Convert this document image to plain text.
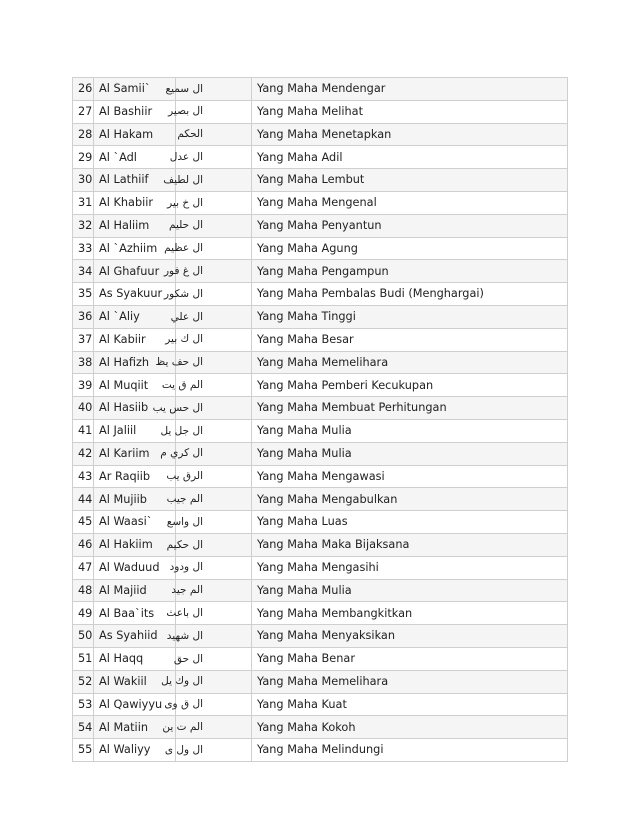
26	Al Samii`	ال سميع	Yang Maha Mendengar
27	Al Bashiir	ال بصير	Yang Maha Melihat
28	Al Hakam	الحكم	Yang Maha Menetapkan
29	Al `Adl	ال عدل	Yang Maha Adil
30	Al Lathiif	ال لطيف	Yang Maha Lembut
31	Al Khabiir	ال خ بير	Yang Maha Mengenal
32	Al Haliim	ال حليم	Yang Maha Penyantun
33	Al `Azhiim	ال عظيم	Yang Maha Agung
34	Al Ghafuur	ال غ فور	Yang Maha Pengampun
35	As Syakuur	ال شكور	Yang Maha Pembalas Budi (Menghargai)
36	Al `Aliy	ال علي	Yang Maha Tinggi
37	Al Kabiir	ال ك بير	Yang Maha Besar
38	Al Hafizh	ال حف يظ	Yang Maha Memelihara
39	Al Muqiit	الم ق يت	Yang Maha Pemberi Kecukupan
40	Al Hasiib	ال حس يب	Yang Maha Membuat Perhitungan
41	Al Jaliil	ال جل يل	Yang Maha Mulia
42	Al Kariim	ال كري م	Yang Maha Mulia
43	Ar Raqiib	الرق يب	Yang Maha Mengawasi
44	Al Mujiib	الم جيب	Yang Maha Mengabulkan
45	Al Waasi`	ال واسع	Yang Maha Luas
46	Al Hakiim	ال حكيم	Yang Maha Maka Bijaksana
47	Al Waduud	ال ودود	Yang Maha Mengasihi
48	Al Majiid	الم جيد	Yang Maha Mulia
49	Al Baa`its	ال باعث	Yang Maha Membangkitkan
50	As Syahiid	ال شهيد	Yang Maha Menyaksikan
51	Al Haqq	ال حق	Yang Maha Benar
52	Al Wakiil	ال وك يل	Yang Maha Memelihara
53	Al Qawiyyu	ال ق وى	Yang Maha Kuat
54	Al Matiin	الم ت ين	Yang Maha Kokoh
55	Al Waliyy	ال ول ى	Yang Maha Melindungi
